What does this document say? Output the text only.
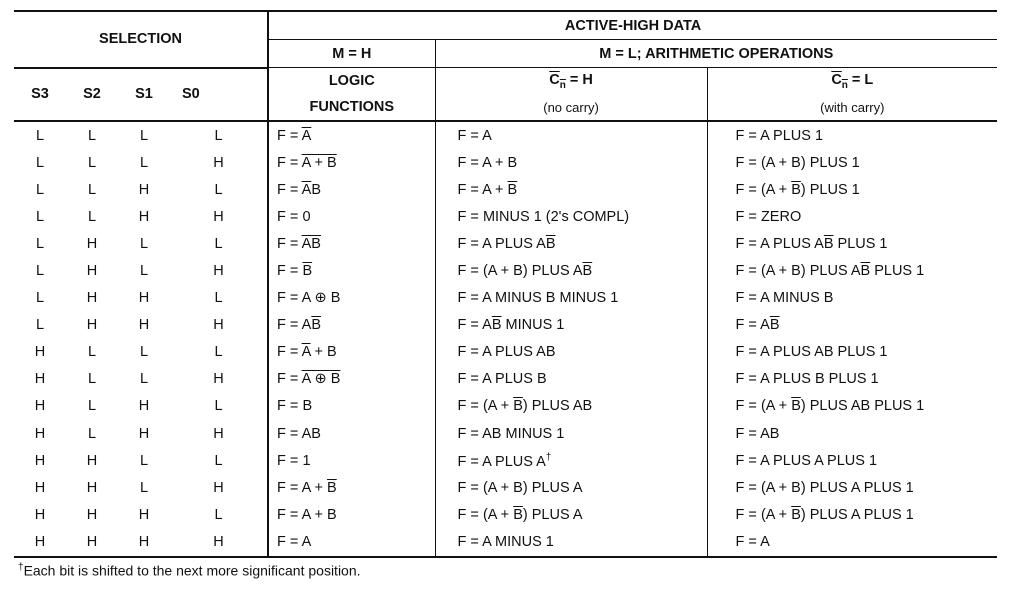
SELECTION				ACTIVE-HIGH DATA		
				M = H	M = L; ARITHMETIC OPERATIONS	
S3	S2	S1	S0	LOGIC	$C_n = H$	$C_n = L$
				FUNCTIONS	(no carry)	(with carry)
L	L	L	L	$F = \overline{A}$	F = A	F = A PLUS 1
L	L	L	H	F = A + B	F = A + B	F = (A + B) PLUS 1
L	L	H	L	$F = \overline{A}B$	$F = A + \overline{B}$	$F = (A + \overline{B})$ PLUS 1
L	L	H	H	F = 0	F = MINUS 1 (2's COMPL)	F = ZERO
L	H	L	L	$F = \overline{AB}$	F = A PLUS $A\overline{B}$	F = A PLUS $A\overline{B}$ PLUS 1
L	H	L	H	$F = \overline{B}$	F = (A + B) PLUS $A\overline{B}$	F = (A + B) PLUS $A\overline{B}$ PLUS 1
L	H	H	L	F = A ⊕ B	F = A MINUS B MINUS 1	F = A MINUS B
L	H	H	H	$F = A\overline{B}$	$F = A\overline{B}$ MINUS 1	$F = A\overline{B}$
H	L	L	L	$F = \overline{A} + B$	F = A PLUS AB	F = A PLUS AB PLUS 1
H	L	L	H	F = A ⊕ B	F = A PLUS B	F = A PLUS B PLUS 1
H	L	H	L	F = B	$F = (A + \overline{B})$ PLUS AB	$F = (A + \overline{B})$ PLUS AB PLUS 1
H	L	H	H	F = AB	F = AB MINUS 1	F = AB
H	H	L	L	F = 1	F = A PLUS A†	F = A PLUS A PLUS 1
H	H	L	H	$F = A + \overline{B}$	F = (A + B) PLUS A	F = (A + B) PLUS A PLUS 1
H	H	H	L	F = A + B	$F = (A + \overline{B})$ PLUS A	$F = (A + \overline{B})$ PLUS A PLUS 1
H	H	H	H	F = A	F = A MINUS 1	F = A
†Each bit is shifted to the next more significant position.
